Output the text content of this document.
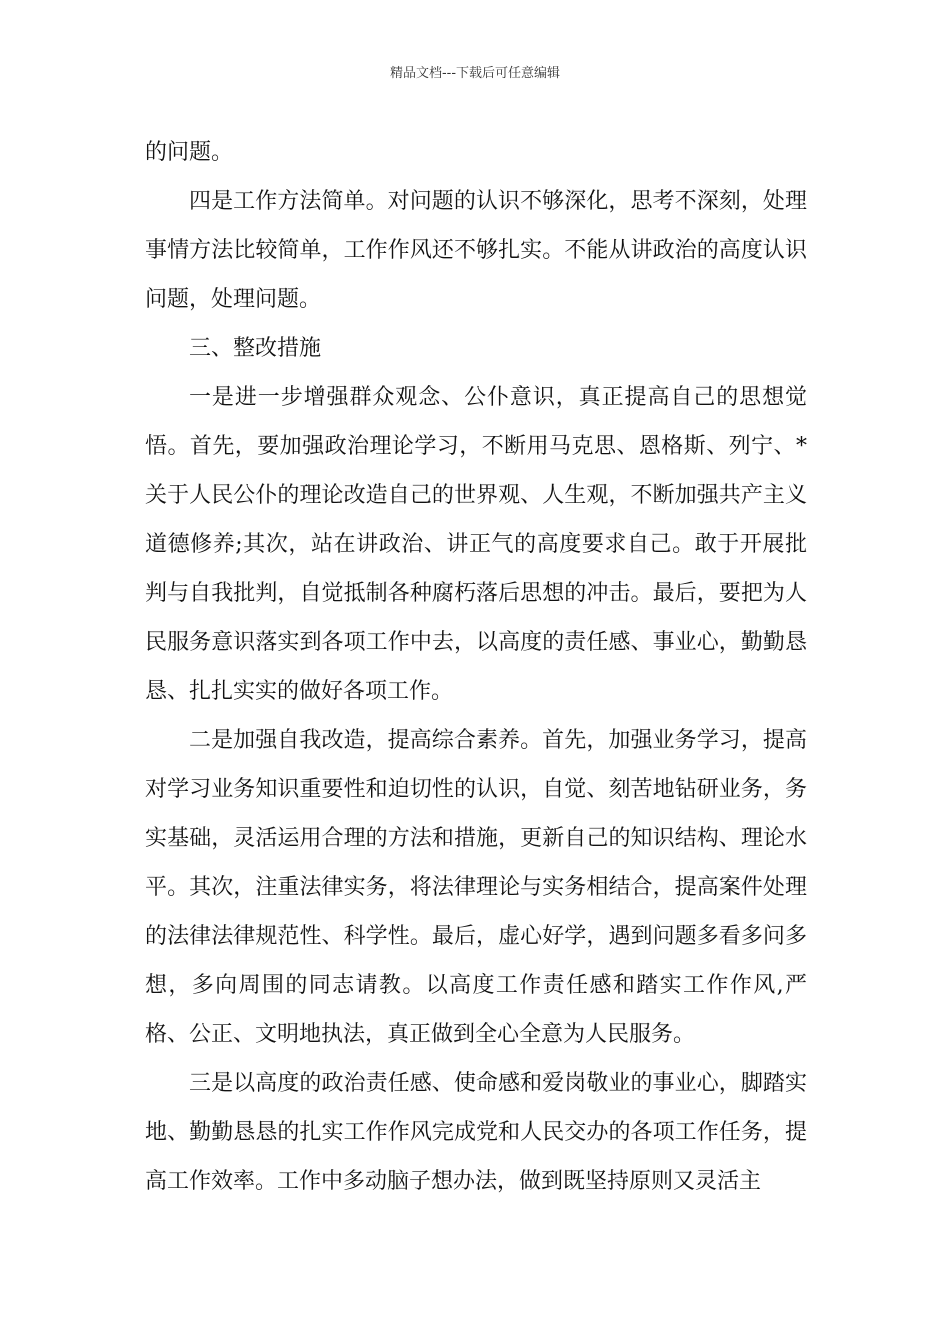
精品文档---下载后可任意编辑

的问题。

四是工作方法简单。对问题的认识不够深化，思考不深刻，处理事情方法比较简单，工作作风还不够扎实。不能从讲政治的高度认识问题，处理问题。

三、整改措施

一是进一步增强群众观念、公仆意识，真正提高自己的思想觉悟。首先，要加强政治理论学习，不断用马克思、恩格斯、列宁、*关于人民公仆的理论改造自己的世界观、人生观，不断加强共产主义道德修养;其次，站在讲政治、讲正气的高度要求自己。敢于开展批判与自我批判，自觉抵制各种腐朽落后思想的冲击。最后，要把为人民服务意识落实到各项工作中去，以高度的责任感、事业心，勤勤恳恳、扎扎实实的做好各项工作。

二是加强自我改造，提高综合素养。首先，加强业务学习，提高对学习业务知识重要性和迫切性的认识，自觉、刻苦地钻研业务，务实基础，灵活运用合理的方法和措施，更新自己的知识结构、理论水平。其次，注重法律实务，将法律理论与实务相结合，提高案件处理的法律法律规范性、科学性。最后，虚心好学，遇到问题多看多问多想，多向周围的同志请教。以高度工作责任感和踏实工作作风,严格、公正、文明地执法，真正做到全心全意为人民服务。

三是以高度的政治责任感、使命感和爱岗敬业的事业心，脚踏实地、勤勤恳恳的扎实工作作风完成党和人民交办的各项工作任务，提高工作效率。工作中多动脑子想办法，做到既坚持原则又灵活主
